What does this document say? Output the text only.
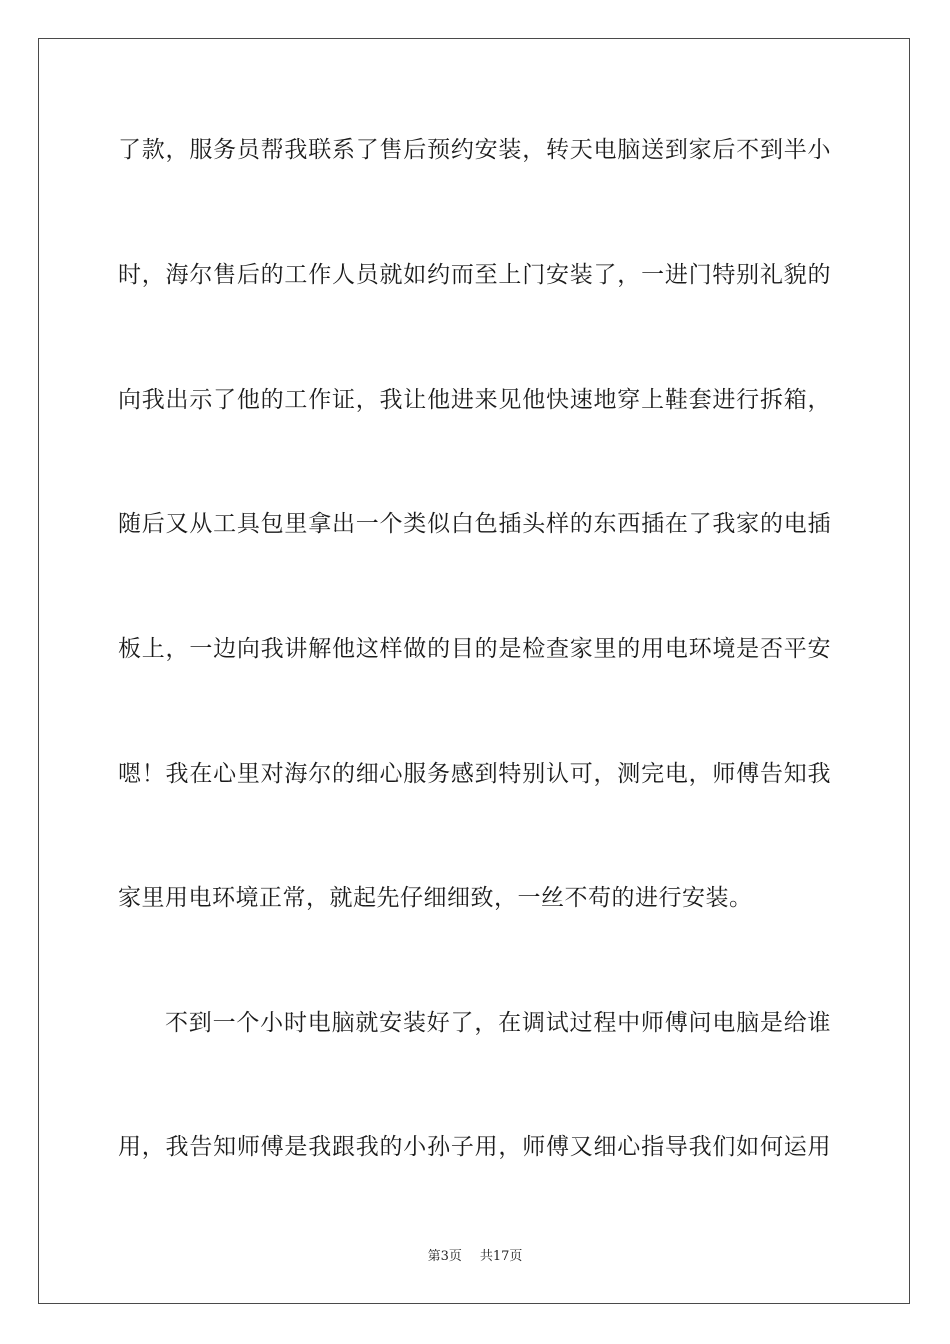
了款，服务员帮我联系了售后预约安装，转天电脑送到家后不到半小
时，海尔售后的工作人员就如约而至上门安装了，一进门特别礼貌的
向我出示了他的工作证，我让他进来见他快速地穿上鞋套进行拆箱，
随后又从工具包里拿出一个类似白色插头样的东西插在了我家的电插
板上，一边向我讲解他这样做的目的是检查家里的用电环境是否平安
嗯！我在心里对海尔的细心服务感到特别认可，测完电，师傅告知我
家里用电环境正常，就起先仔细细致，一丝不苟的进行安装。
不到一个小时电脑就安装好了，在调试过程中师傅问电脑是给谁
用，我告知师傅是我跟我的小孙子用，师傅又细心指导我们如何运用
第3页 共17页
